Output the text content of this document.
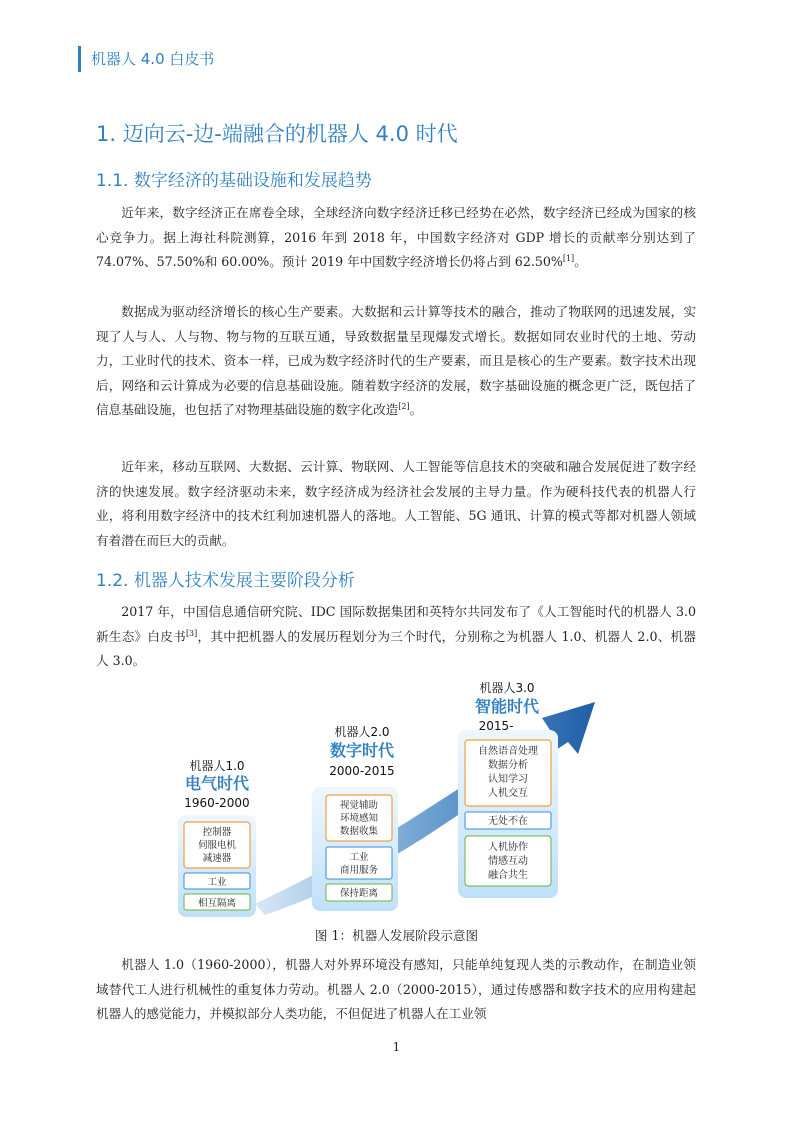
机器人 4.0 白皮书
1. 迈向云-边-端融合的机器人 4.0 时代
1.1. 数字经济的基础设施和发展趋势

近年来，数字经济正在席卷全球，全球经济向数字经济迁移已经势在必然，数字经济已经成为国家的核心竞争力。据上海社科院测算，2016 年到 2018 年，中国数字经济对 GDP 增长的贡献率分别达到了 74.07%、57.50%和 60.00%。预计 2019 年中国数字经济增长仍将占到 62.50%[1]。

数据成为驱动经济增长的核心生产要素。大数据和云计算等技术的融合，推动了物联网的迅速发展，实现了人与人、人与物、物与物的互联互通，导致数据量呈现爆发式增长。数据如同农业时代的土地、劳动力，工业时代的技术、资本一样，已成为数字经济时代的生产要素，而且是核心的生产要素。数字技术出现后，网络和云计算成为必要的信息基础设施。随着数字经济的发展，数字基础设施的概念更广泛，既包括了信息基础设施，也包括了对物理基础设施的数字化改造[2]。

近年来，移动互联网、大数据、云计算、物联网、人工智能等信息技术的突破和融合发展促进了数字经济的快速发展。数字经济驱动未来，数字经济成为经济社会发展的主导力量。作为硬科技代表的机器人行业，将利用数字经济中的技术红利加速机器人的落地。人工智能、5G 通讯、计算的模式等都对机器人领域有着潜在而巨大的贡献。

1.2. 机器人技术发展主要阶段分析

2017 年，中国信息通信研究院、IDC 国际数据集团和英特尔共同发布了《人工智能时代的机器人 3.0 新生态》白皮书[3]，其中把机器人的发展历程划分为三个时代，分别称之为机器人 1.0、机器人 2.0、机器人 3.0。

机器人1.0
电气时代
1960-2000
控制器
伺服电机
减速器
工业
相互隔离
机器人2.0
数字时代
2000-2015
视觉辅助
环境感知
数据收集
工业
商用服务
保持距离
机器人3.0
智能时代
2015-
自然语音处理
数据分析
认知学习
人机交互
无处不在
人机协作
情感互动
融合共生
图 1：机器人发展阶段示意图

机器人 1.0（1960-2000），机器人对外界环境没有感知，只能单纯复现人类的示教动作，在制造业领域替代工人进行机械性的重复体力劳动。机器人 2.0（2000-2015），通过传感器和数字技术的应用构建起机器人的感觉能力，并模拟部分人类功能，不但促进了机器人在工业领

1
